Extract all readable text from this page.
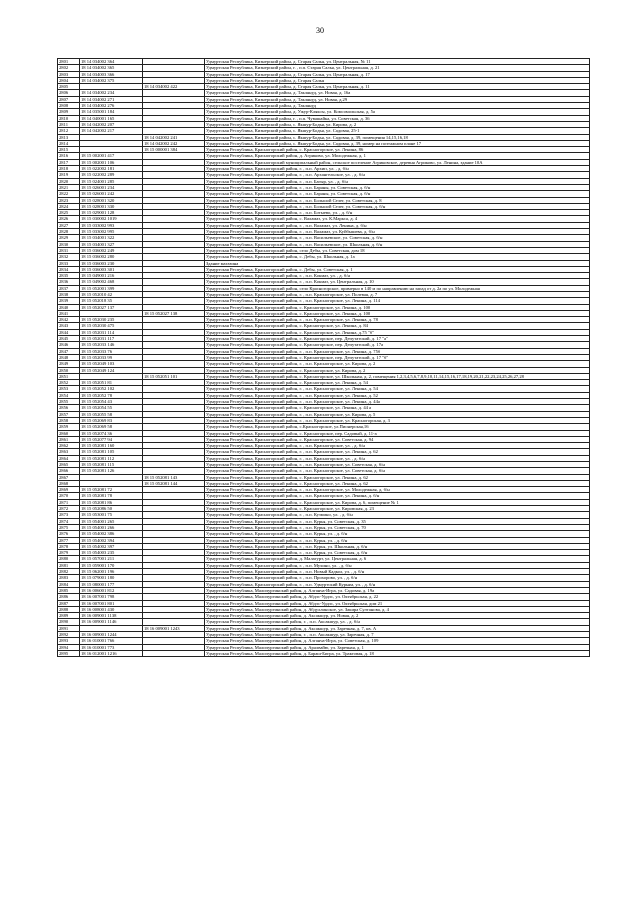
30
2801	18 14 034002 364		Удмуртская Республика, Кизнерский район, д. Старая Салья, ул. Центральная, № 11
2802	18 14 034002 365		Удмуртская Республика, Кизнерский район, г. , п.п. Старая Салья, ул. Центральная, д. 21
2803	18 14 034003 366		Удмуртская Республика, Кизнерский район, д. Старая Салья, ул. Центральная, д. 17
2804	18 14 034002 375		Удмуртская Республика, Кизнерский район, д. Старая Салья
2805		18 14 034002 422	Удмуртская Республика, Кизнерский район, д. Старая Салья, ул. Центральная, д. 11
2806	18 14 034002 234		Удмуртская Республика, Кизнерский район, д. Таклянуд, ул. Новая, д. 16а
2807	18 14 034002 271		Удмуртская Республика, Кизнерский район, д. Таклянуд, ул. Новая, д.29
2808	18 14 034002 276		Удмуртская Республика, Кизнерский район, д. Таклянуд
2809	18 14 035001 184		Удмуртская Республика, Кизнерский район, д. Ужур-Кляксы, ул. Комсомольская, д. 5а
2810	18 14 040001 165		Удмуртская Республика, Кизнерский район, г. , п.п. Чувашайка, ул. Советская, д. 36
2811	18 14 042002 207		Удмуртская Республика, Кизнерский район, с. Якшур-Бодья, ул. Кирова, д. 2
2812	18 14 042002 217		Удмуртская Республика, Кизнерский район, с. Якшур-Бодья, ул. Садовая, 25-1
2813		18 14 042002 241	Удмуртская Республика, Кизнерский район, с. Якшур-Бодья, ул. Садовая, д. 39, помещения 14,15,16,18
2814		18 14 042002 242	Удмуртская Республика, Кизнерский район, с. Якшур-Бодья, ул. Садовая, д. 39, номер на поэтажном плане 17
2815		18 15 000001 384	Удмуртская Республика, Красногорский район, с. Красногорское, ул. Ленина, 86
2816	18 15 002001 417		Удмуртская Республика, Красногорский район, д. Агриково, ул. Молодежная, д. 1
2817	18 15 002001 106		Удмуртская Республика, Красногорский муниципальный район, сельское поселение Агриковское, деревня Агриково, ул. Ленина, здание 10А
2818	18 15 022002 181		Удмуртская Республика, Красногорский район, г. , п.п. Архип, ул. , д. б/н
2819	18 15 022002 289		Удмуртская Республика, Красногорский район, г. , п.п. Архангельское, ул. , д. б/н
2820	18 15 024001 285		Удмуртская Республика, Красногорский район, г. , п.п. Багыр, ул. , д. б/н
2821	18 15 026001 234		Удмуртская Республика, Красногорский район, г. , п.п. Бараны, ул. Советская, д. б/н
2822	18 15 026001 242		Удмуртская Республика, Красногорский район, г. , п.п. Бараны, ул. Советская, д. б/н
2823	18 15 028001 320		Удмуртская Республика, Красногорский район, г. , п.п. Большой Селег, ул. Советская, д. 8
2824	18 15 028001 330		Удмуртская Республика, Красногорский район, г. , п.п. Большой Селег, ул. Советская, д. б/н
2825	18 15 029001 128		Удмуртская Республика, Красногорский район, г. , п.п. Ботыево, ул. , д. б/н
2826	18 15 030002 1019		Удмуртская Республика, Красногорский район, с. Валамаз, ул. К.Маркса, д. 4
2827	18 15 033002 993		Удмуртская Республика, Красногорский район, г. , п.п. Валамаз, ул. Ленина, д. б/н
2828	18 15 033002 995		Удмуртская Республика, Красногорский район, г. , п.п. Валамаз, ул. Куйбышева, д. б/н
2829	18 15 034001 322		Удмуртская Республика, Красногорский район, г. , п.п. Васильевское, ул. Советская, д. б/н
2830	18 15 034001 327		Удмуртская Республика, Красногорский район, г. , п.п. Васильевское, ул. Школьная, д. б/н
2831	18 15 036002 249		Удмуртская Республика, Красногорский район, село Дебы, ул. Советская, дом 18
2832	18 15 036002 280		Удмуртская Республика, Красногорский район, с. Дебы, ул. Школьная, д. 1а
2833	18 15 036003 230		Здание магазина
2834	18 15 036003 301		Удмуртская Республика, Красногорский район, с. Дебы, ул. Советская, д. 1
2835	18 15 049001 216		Удмуртская Республика, Красногорский район, г. , п.п. Кокмаз, ул. , д. б/н
2836	18 15 049002 468		Удмуртская Республика, Красногорский район, г. , п.п. Кокмаз, ул. Центральная, д. 10
2837	18 15 052001 399		Удмуртская Республика, Красногорский район, село Красногорское, примерно в 140 м по направлению на запад от д. 2а по ул. Молодежная
2838	18 15 052010 42		Удмуртская Республика, Красногорский район, г. , п.п. Красногорское, ул. Полевая, д. 7
2839	18 15 052018 35		Удмуртская Республика, Красногорский район, г. , п.п. Красногорское, ул. Ленина, д. 114
2840	18 15 052027 137		Удмуртская Республика, Красногорский район, с. Красногорское, ул. Ленина, д. 100
2841		18 15 052027 138	Удмуртская Республика, Красногорский район, с. Красногорское, ул. Ленина, д. 100
2842	18 15 052030 235		Удмуртская Республика, Красногорский район, г. , п.п. Красногорское, ул. Ленина, д. 78
2843	18 15 052030 475		Удмуртская Республика, Красногорский район, с. Красногорское, ул. Ленина, д. 84
2844	18 15 052031 114		Удмуртская Республика, Красногорский район, с. Красногорское, ул. Ленина, д.75 "б"
2845	18 15 052031 117		Удмуртская Республика, Красногорский район, с. Красногорское, пер. Депутатский, д. 17 "а"
2846	18 15 052033 146		Удмуртская Республика, Красногорский район, с. Красногорское, пер. Депутатский, д. 17а
2847	18 15 052033 76		Удмуртская Республика, Красногорский район, г. , п.п. Красногорское, ул. Ленина, д. 75б
2848	18 15 052033 99		Удмуртская Республика, Красногорский район, с. Красногорское, пер. Депутатский, д. 17 "б"
2849	18 15 052049 103		Удмуртская Республика, Красногорский район, г. , п.п. Красногорское, ул. Кирова, д. 2
2850	18 15 052049 124		Удмуртская Республика, Красногорский район, с. Красногорское, ул. Кирова, д. 2
2851		18 15 052051 101	Удмуртская Республика, Красногорский район, с. Красногорское, ул. Школьная, д. 2, помещения 1,2,3,4,5,6,7,8,9,10,11,14,15,16,17,18,19,20,21,22,23,24,25,26,27,28
2852	18 15 052051 81		Удмуртская Республика, Красногорский район, с. Красногорское, ул. Ленина, д. 54
2853	18 15 052052 102		Удмуртская Республика, Красногорский район, г. , п.п. Красногорское, ул. Ленина, д. 54
2854	18 15 052052 78		Удмуртская Республика, Красногорский район, г. , п.п. Красногорское, ул. Ленина, д. 52
2855	18 15 052054 43		Удмуртская Республика, Красногорский район, г. , п.п. Красногорское, ул. Ленина, д. 44а
2856	18 15 052054 55		Удмуртская Республика, Красногорский район, с. Красногорское, ул. Ленина, д. 44 а
2857	18 15 052055 58		Удмуртская Республика, Красногорский район, г. , п.п. Красногорское, ул. Кирова, д. 5
2858	18 15 052069 83		Удмуртская Республика, Красногорский район, г. , п.п. Красногорское, ул. Красногорская, д. 3
2859	18 15 052069 58		Удмуртская Республика, Красногорский район, с.Красногорское, ул.Пионерская,16
2860	18 15 052074 36		Удмуртская Республика, Красногорский район, с. Красногорское, пер. Садовый, д. 11-а
2861	18 15 052077 94		Удмуртская Республика, Красногорский район, с. Красногорское, ул. Советская, д. 94
2862	18 15 052081 160		Удмуртская Республика, Красногорский район, г. , п.п. Красногорское, ул. , д. б/н
2863	18 15 052081 105		Удмуртская Республика, Красногорский район, г. , п.п. Красногорское, ул. Ленина, д. 62
2864	18 15 052081 112		Удмуртская Республика, Красногорский район, г. , п.п. Красногорское, ул. , д. б/н
2865	18 15 052081 115		Удмуртская Республика, Красногорский район, г. , п.п. Красногорское, ул. Советская, д. б/н
2866	18 15 052081 126		Удмуртская Республика, Красногорский район, г. , п.п. Красногорское, ул. Советская, д. б/н
2867		18 15 052081 143	Удмуртская Республика, Красногорский район, с. Красногорское, ул. Ленина, д. 62
2868		18 15 052081 144	Удмуртская Республика, Красногорский район, с. Красногорское, ул. Ленина, д. 62
2869	18 15 052081 72		Удмуртская Республика, Красногорский район, г. , п.п. Красногорское, ул. Молодежная, д. б/н
2870	18 15 052081 78		Удмуртская Республика, Красногорский район, г. , п.п. Красногорское, ул. Ленина, д. б/н
2871	18 15 052081 86		Удмуртская Республика, Красногорский район, с. Красногорское, ул. Кирова, д. 6, помещение № 1
2872	18 15 052086 50		Удмуртская Республика, Красногорский район, с. Красногорское, ул. Кировская, д. 23
2873	18 15 053001 75		Удмуртская Республика, Красногорский район, г. , п.п. Кузмино, ул. , д. б/н
2874	18 15 054001 265		Удмуртская Республика, Красногорский район, г. , п.п. Курья, ул. Советская, д. 35
2875	18 15 054001 266		Удмуртская Республика, Красногорский район, г. , п.п. Курья, ул. Советская, д. 70
2876	18 15 054002 386		Удмуртская Республика, Красногорский район, г. , п.п. Курья, ул. , д. б/н
2877	18 15 054002 394		Удмуртская Республика, Красногорский район, г. , п.п. Курья, ул. , д. б/н
2878	18 15 054002 397		Удмуртская Республика, Красногорский район, г. , п.п. Курья, ул. Школьная, д. б/н
2879	18 15 054003 235		Удмуртская Республика, Красногорский район, г. , п.п. Курья, ул. Советская, д. б/н
2880	18 15 057001 211		Удмуртская Республика, Красногорский район, д. Малагурт, ул. Центральная, д. 6
2881	18 15 059001 170		Удмуртская Республика, Красногорский район, г. , п.п. Мухино, ул. , д. б/н
2882	18 15 062001 196		Удмуртская Республика, Красногорский район, г. , п.п. Новый Кадкол, ул. , д. б/н
2883	18 15 079001 180		Удмуртская Республика, Красногорский район, г. , п.п. Прохорово, ул. , д. б/н
2884	18 15 080001 177		Удмуртская Республика, Красногорский район, г. , п.п. Удмуртский Курьям, ул. , д. б/н
2885	18 16 006001 812		Удмуртская Республика, Малопургинский район, д. Алганча-Игра, ул. Садовая, д. 19а
2886	18 16 007001 798		Удмуртская Республика, Малопургинский район, д. Абдэс-Урдэс, ул. Октябрьская, д. 22
2887	18 16 007001 801		Удмуртская Республика, Малопургинский район, д. Абдэс-Урдэс, ул. Октябрьская, дом 21
2888	18 16 008001 430		Удмуртская Республика, Малопургинский район, д. Абдуллинское, ул. Закира Султанова, д. 4
2889	18 16 009001 1138		Удмуртская Республика, Малопургинский район, д. Аксакшур, ул. Новая, д. 2
2890	18 16 009001 1146		Удмуртская Республика, Малопургинский район, г. , п.п. Аксакшур, ул. , д. б/н
2891		18 16 009001 1243	Удмуртская Республика, Малопургинский район, д. Аксакшур, ул. Заречная, д. 7, кв. А
2892	18 16 009001 1244		Удмуртская Республика, Малопургинский район, г. , п.п. Аксакшур, ул. Заречная, д. 7
2893	18 16 010001 766		Удмуртская Республика, Малопургинский район, д. Алганча-Игра, ул. Советская, д. 109
2894	18 16 010001 773		Удмуртская Республика, Малопургинский район, д. Аралвайю, ул. Заречная, д. 1
2895	18 16 012001 1216		Удмуртская Республика, Малопургинский район, д. Бараш-Бигра, ул. Трактовая, д. 18
